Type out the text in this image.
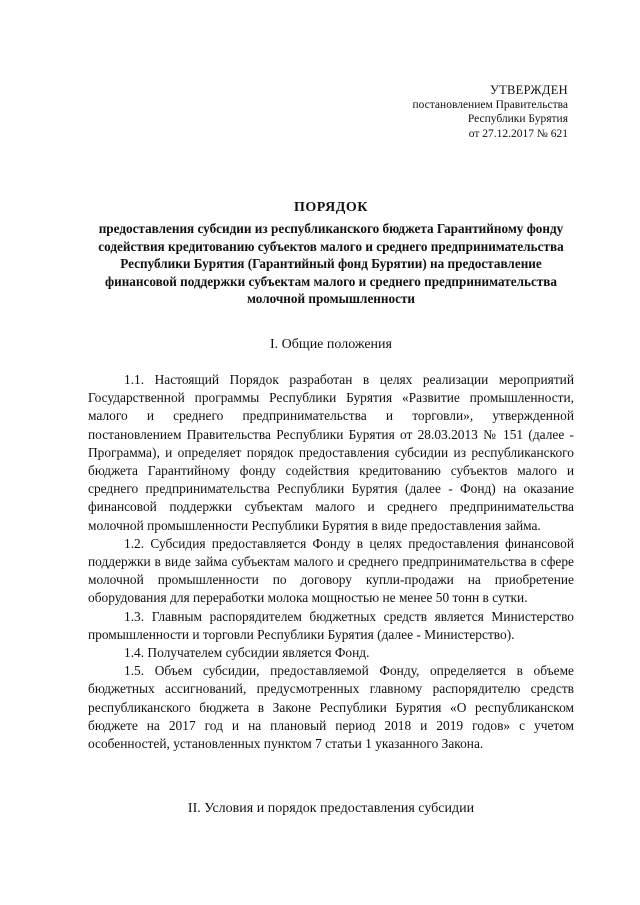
УТВЕРЖДЕН
постановлением Правительства
Республики Бурятия
от 27.12.2017 № 621
ПОРЯДОК
предоставления субсидии из республиканского бюджета Гарантийному фонду содействия кредитованию субъектов малого и среднего предпринимательства Республики Бурятия (Гарантийный фонд Бурятии) на предоставление финансовой поддержки субъектам малого и среднего предпринимательства молочной промышленности
I. Общие положения

1.1. Настоящий Порядок разработан в целях реализации мероприятий Государственной программы Республики Бурятия «Развитие промышленности, малого и среднего предпринимательства и торговли», утвержденной постановлением Правительства Республики Бурятия от 28.03.2013 № 151 (далее - Программа), и определяет порядок предоставления субсидии из республиканского бюджета Гарантийному фонду содействия кредитованию субъектов малого и среднего предпринимательства Республики Бурятия (далее - Фонд) на оказание финансовой поддержки субъектам малого и среднего предпринимательства молочной промышленности Республики Бурятия в виде предоставления займа.

1.2. Субсидия предоставляется Фонду в целях предоставления финансовой поддержки в виде займа субъектам малого и среднего предпринимательства в сфере молочной промышленности по договору купли-продажи на приобретение оборудования для переработки молока мощностью не менее 50 тонн в сутки.

1.3. Главным распорядителем бюджетных средств является Министерство промышленности и торговли Республики Бурятия (далее - Министерство).

1.4. Получателем субсидии является Фонд.

1.5. Объем субсидии, предоставляемой Фонду, определяется в объеме бюджетных ассигнований, предусмотренных главному распорядителю средств республиканского бюджета в Законе Республики Бурятия «О республиканском бюджете на 2017 год и на плановый период 2018 и 2019 годов» с учетом особенностей, установленных пунктом 7 статьи 1 указанного Закона.

II. Условия и порядок предоставления субсидии
